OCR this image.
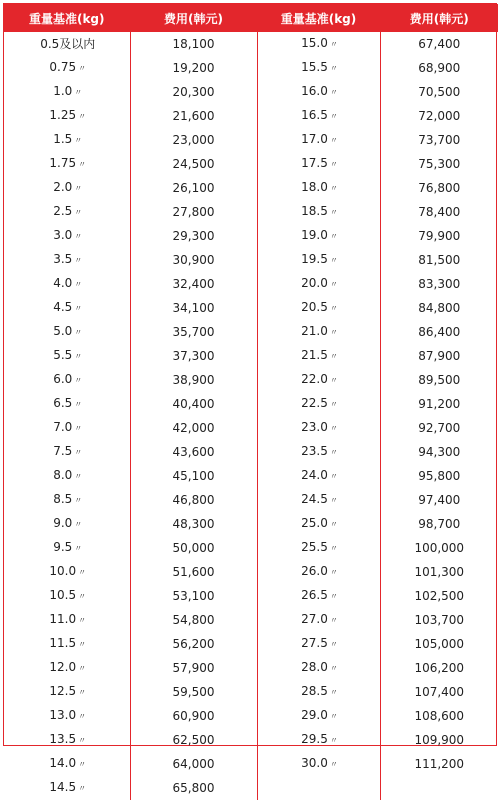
重量基准(kg)	费用(韩元)	重量基准(kg)	费用(韩元)
0.5及以内	18,100	15.0 〃	67,400
0.75 〃	19,200	15.5 〃	68,900
1.0 〃	20,300	16.0 〃	70,500
1.25 〃	21,600	16.5 〃	72,000
1.5 〃	23,000	17.0 〃	73,700
1.75 〃	24,500	17.5 〃	75,300
2.0 〃	26,100	18.0 〃	76,800
2.5 〃	27,800	18.5 〃	78,400
3.0 〃	29,300	19.0 〃	79,900
3.5 〃	30,900	19.5 〃	81,500
4.0 〃	32,400	20.0 〃	83,300
4.5 〃	34,100	20.5 〃	84,800
5.0 〃	35,700	21.0 〃	86,400
5.5 〃	37,300	21.5 〃	87,900
6.0 〃	38,900	22.0 〃	89,500
6.5 〃	40,400	22.5 〃	91,200
7.0 〃	42,000	23.0 〃	92,700
7.5 〃	43,600	23.5 〃	94,300
8.0 〃	45,100	24.0 〃	95,800
8.5 〃	46,800	24.5 〃	97,400
9.0 〃	48,300	25.0 〃	98,700
9.5 〃	50,000	25.5 〃	100,000
10.0 〃	51,600	26.0 〃	101,300
10.5 〃	53,100	26.5 〃	102,500
11.0 〃	54,800	27.0 〃	103,700
11.5 〃	56,200	27.5 〃	105,000
12.0 〃	57,900	28.0 〃	106,200
12.5 〃	59,500	28.5 〃	107,400
13.0 〃	60,900	29.0 〃	108,600
13.5 〃	62,500	29.5 〃	109,900
14.0 〃	64,000	30.0 〃	111,200
14.5 〃	65,800		
